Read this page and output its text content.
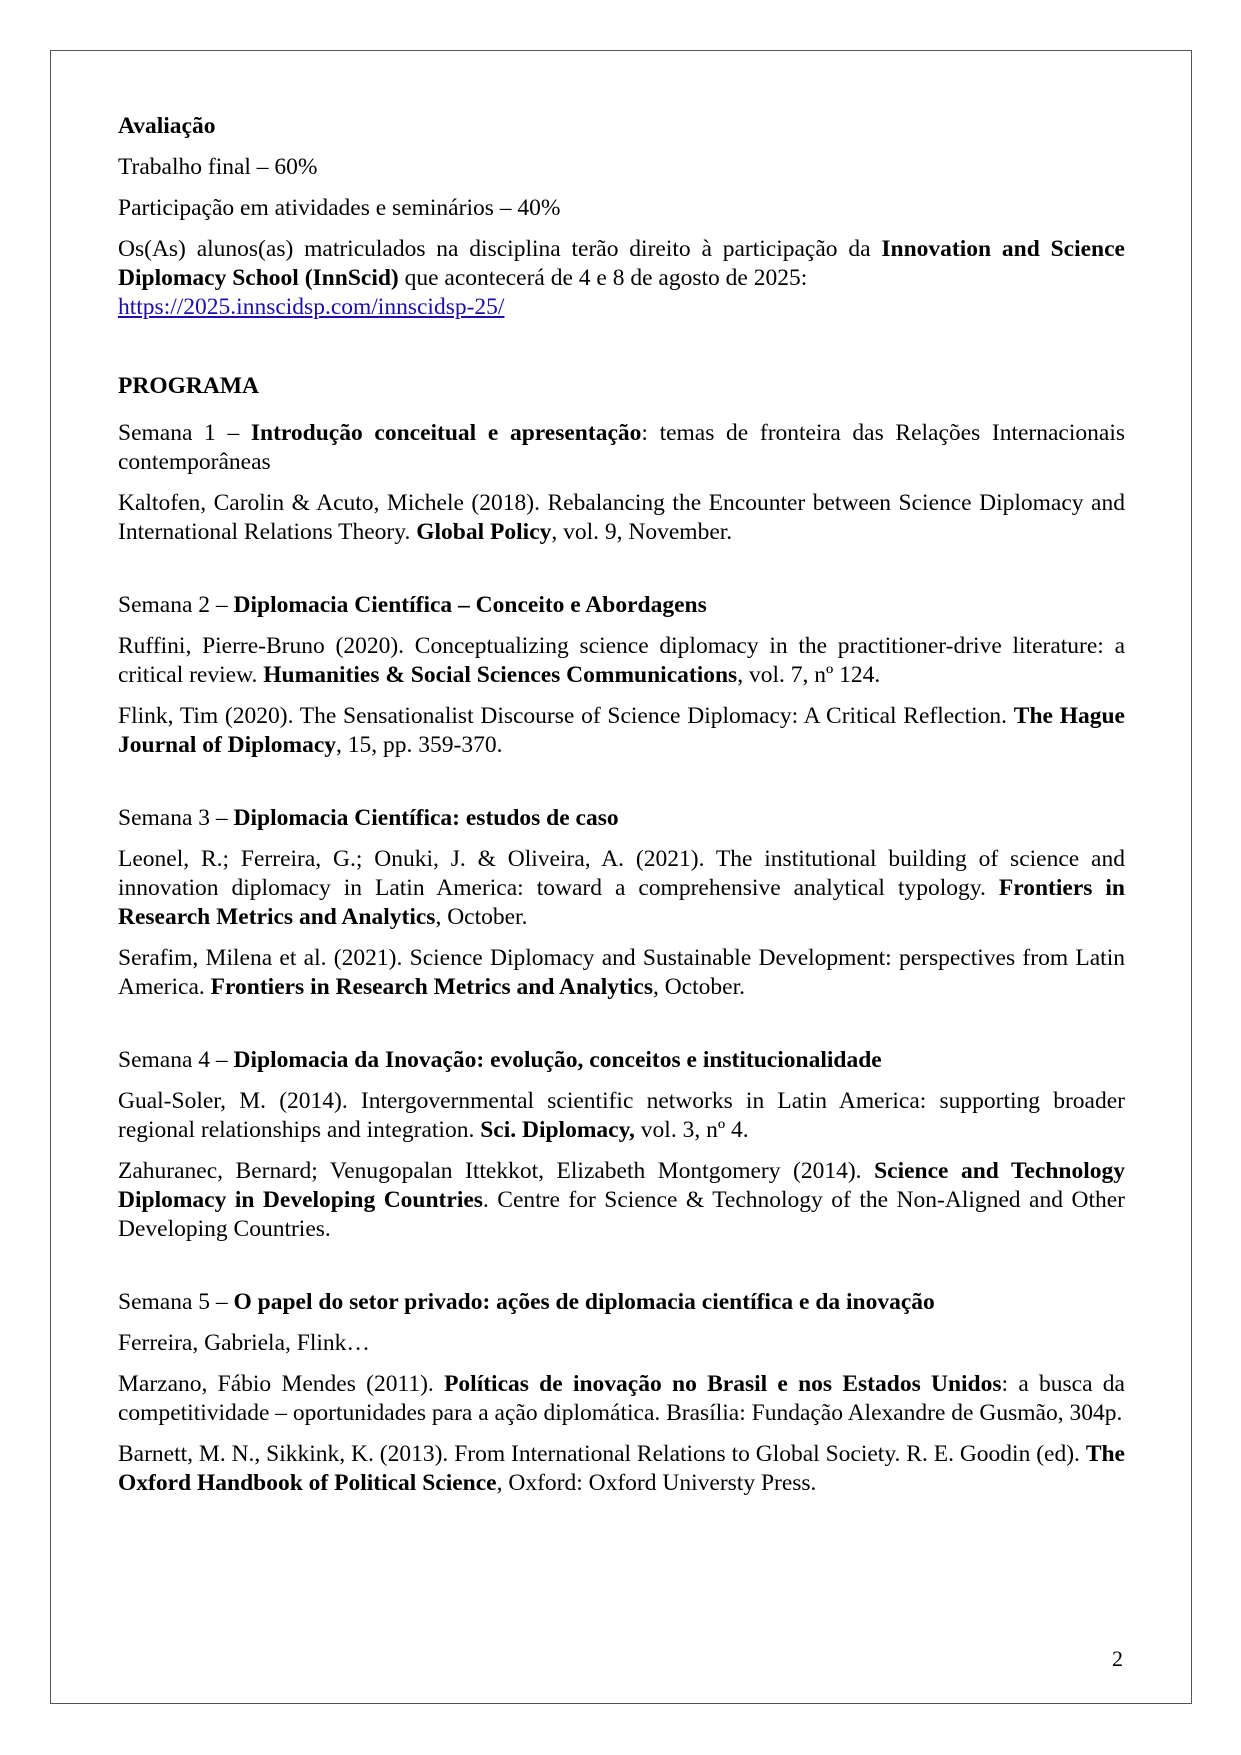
Avaliação

Trabalho final – 60%

Participação em atividades e seminários – 40%

Os(As) alunos(as) matriculados na disciplina terão direito à participação da Innovation and Science Diplomacy School (InnScid) que acontecerá de 4 e 8 de agosto de 2025:
https://2025.innscidsp.com/innscidsp-25/

PROGRAMA

Semana 1 – Introdução conceitual e apresentação: temas de fronteira das Relações Internacionais contemporâneas

Kaltofen, Carolin & Acuto, Michele (2018). Rebalancing the Encounter between Science Diplomacy and International Relations Theory. Global Policy, vol. 9, November.

Semana 2 – Diplomacia Científica – Conceito e Abordagens

Ruffini, Pierre-Bruno (2020). Conceptualizing science diplomacy in the practitioner-drive literature: a critical review. Humanities & Social Sciences Communications, vol. 7, nº 124.

Flink, Tim (2020). The Sensationalist Discourse of Science Diplomacy: A Critical Reflection. The Hague Journal of Diplomacy, 15, pp. 359-370.

Semana 3 – Diplomacia Científica: estudos de caso

Leonel, R.; Ferreira, G.; Onuki, J. & Oliveira, A. (2021). The institutional building of science and innovation diplomacy in Latin America: toward a comprehensive analytical typology. Frontiers in Research Metrics and Analytics, October.

Serafim, Milena et al. (2021). Science Diplomacy and Sustainable Development: perspectives from Latin America. Frontiers in Research Metrics and Analytics, October.

Semana 4 – Diplomacia da Inovação: evolução, conceitos e institucionalidade

Gual-Soler, M. (2014). Intergovernmental scientific networks in Latin America: supporting broader regional relationships and integration. Sci. Diplomacy, vol. 3, nº 4.

Zahuranec, Bernard; Venugopalan Ittekkot, Elizabeth Montgomery (2014). Science and Technology Diplomacy in Developing Countries. Centre for Science & Technology of the Non-Aligned and Other Developing Countries.

Semana 5 – O papel do setor privado: ações de diplomacia científica e da inovação

Ferreira, Gabriela, Flink…

Marzano, Fábio Mendes (2011). Políticas de inovação no Brasil e nos Estados Unidos: a busca da competitividade – oportunidades para a ação diplomática. Brasília: Fundação Alexandre de Gusmão, 304p.

Barnett, M. N., Sikkink, K. (2013). From International Relations to Global Society. R. E. Goodin (ed). The Oxford Handbook of Political Science, Oxford: Oxford Universty Press.

2
